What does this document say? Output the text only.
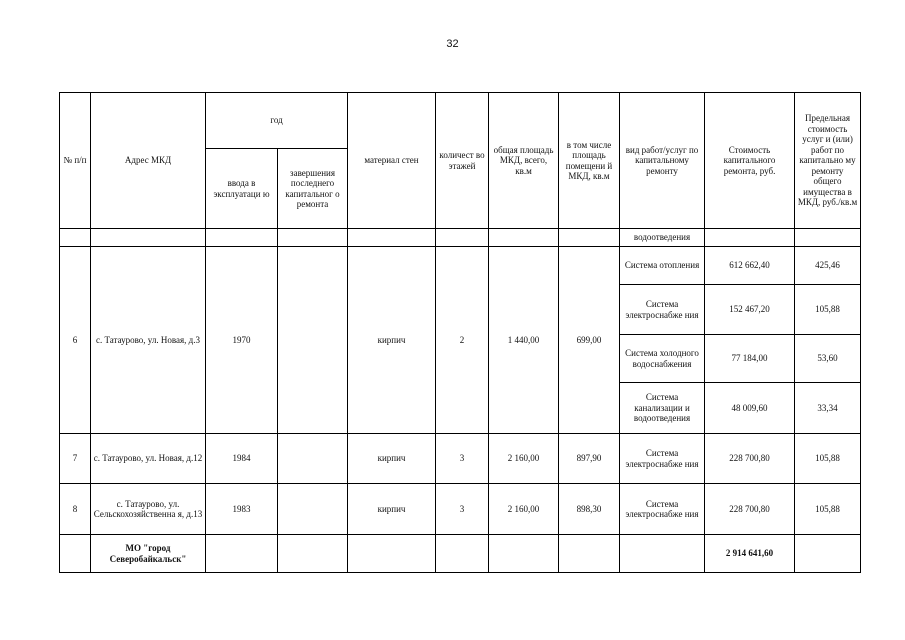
32
№ п/п	Адрес МКД	год		материал стен	количест во этажей	общая площадь МКД, всего, кв.м	в том числе площадь помещени й МКД, кв.м	вид работ/услуг по капитальному ремонту	Стоимость капитального ремонта, руб.	Предельная стоимость услуг и (или) работ по капитально му ремонту общего имущества в МКД, руб./кв.м
		ввода в эксплуатаци ю	завершения последнего капитальног о ремонта							
								водоотведения		
6	с. Татаурово, ул. Новая, д.3	1970		кирпич	2	1 440,00	699,00	Система отопления	612 662,40	425,46
								Система электроснабже ния	152 467,20	105,88
								Система холодного водоснабжения	77 184,00	53,60
								Система канализации и водоотведения	48 009,60	33,34
7	с. Татаурово, ул. Новая, д.12	1984		кирпич	3	2 160,00	897,90	Система электроснабже ния	228 700,80	105,88
8	с. Татаурово, ул. Сельскохозяйственна я, д.13	1983		кирпич	3	2 160,00	898,30	Система электроснабже ния	228 700,80	105,88
	МО "город Северобайкальск"								2 914 641,60	
